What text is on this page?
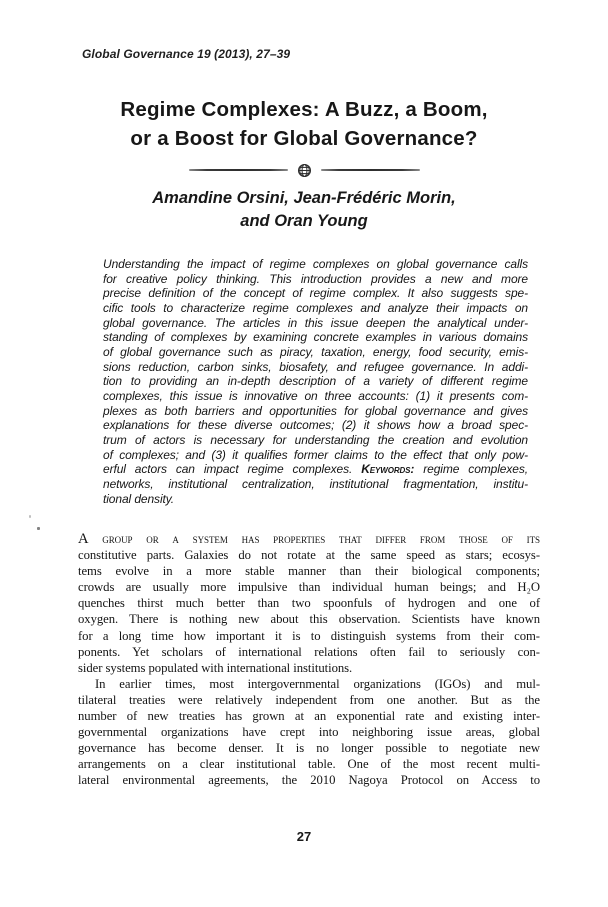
Global Governance 19 (2013), 27–39
Regime Complexes: A Buzz, a Boom,
or a Boost for Global Governance?
Amandine Orsini, Jean-Frédéric Morin,
and Oran Young
Understanding the impact of regime complexes on global governance calls
for creative policy thinking. This introduction provides a new and more
precise definition of the concept of regime complex. It also suggests spe-
cific tools to characterize regime complexes and analyze their impacts on
global governance. The articles in this issue deepen the analytical under-
standing of complexes by examining concrete examples in various domains
of global governance such as piracy, taxation, energy, food security, emis-
sions reduction, carbon sinks, biosafety, and refugee governance. In addi-
tion to providing an in-depth description of a variety of different regime
complexes, this issue is innovative on three accounts: (1) it presents com-
plexes as both barriers and opportunities for global governance and gives
explanations for these diverse outcomes; (2) it shows how a broad spec-
trum of actors is necessary for understanding the creation and evolution
of complexes; and (3) it qualifies former claims to the effect that only pow-
erful actors can impact regime complexes. Keywords: regime complexes,
networks, institutional centralization, institutional fragmentation, institu-
tional density.
A group or a system has properties that differ from those of its
constitutive parts. Galaxies do not rotate at the same speed as stars; ecosys-
tems evolve in a more stable manner than their biological components;
crowds are usually more impulsive than individual human beings; and H₂O
quenches thirst much better than two spoonfuls of hydrogen and one of
oxygen. There is nothing new about this observation. Scientists have known
for a long time how important it is to distinguish systems from their com-
ponents. Yet scholars of international relations often fail to seriously con-
sider systems populated with international institutions.
In earlier times, most intergovernmental organizations (IGOs) and mul-
tilateral treaties were relatively independent from one another. But as the
number of new treaties has grown at an exponential rate and existing inter-
governmental organizations have crept into neighboring issue areas, global
governance has become denser. It is no longer possible to negotiate new
arrangements on a clear institutional table. One of the most recent multi-
lateral environmental agreements, the 2010 Nagoya Protocol on Access to
27
